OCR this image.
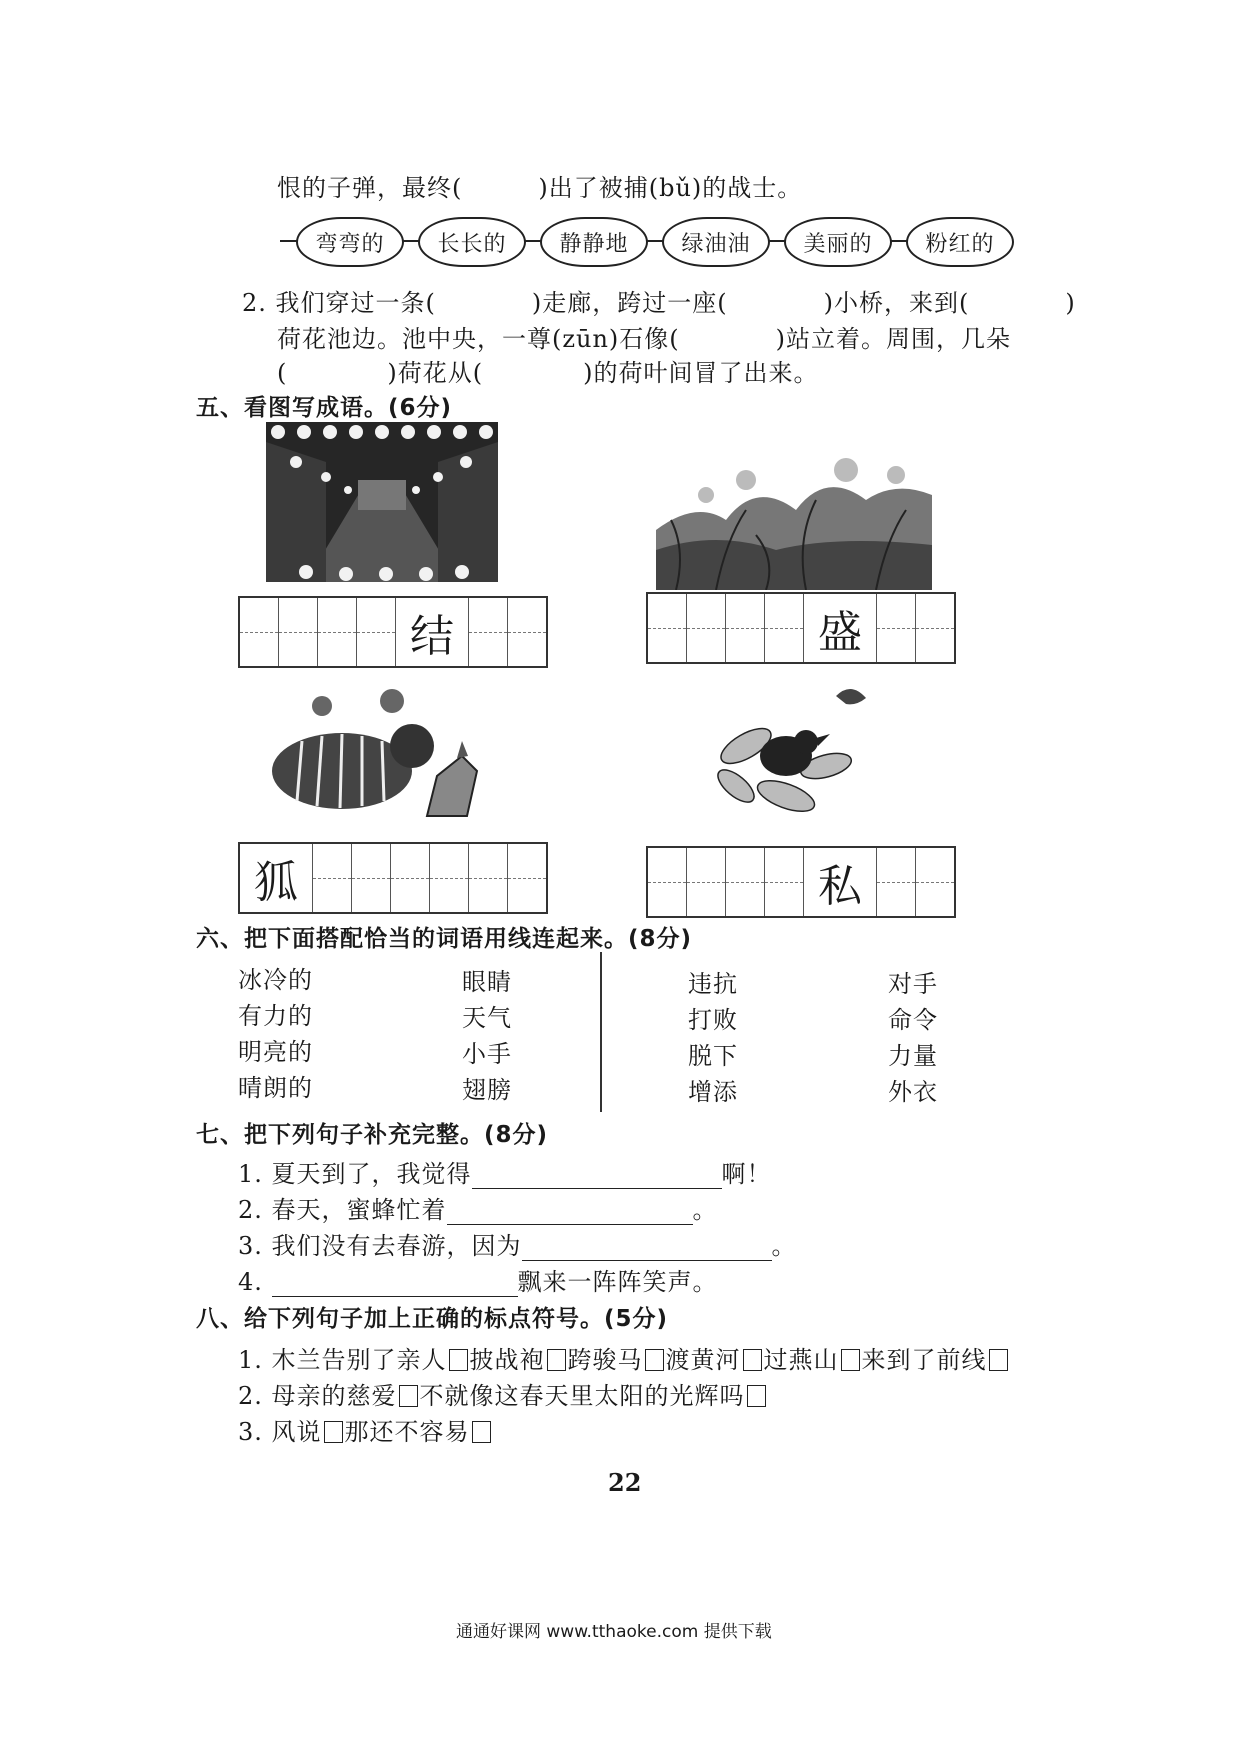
恨的子弹，最终(	)出了被捕(bǔ)的战士。
弯弯的	长长的	静静地	绿油油	美丽的	粉红的
2. 我们穿过一条(	)走廊，跨过一座(	)小桥，来到(	)
荷花池边。池中央，一尊(zūn)石像(	)站立着。周围，几朵
(	)荷花从(	)的荷叶间冒了出来。
五、看图写成语。(6分)
结	盛
狐	私
六、把下面搭配恰当的词语用线连起来。(8分)
冰冷的
有力的
明亮的
晴朗的
眼睛
天气
小手
翅膀
违抗
打败
脱下
增添
对手
命令
力量
外衣
七、把下列句子补充完整。(8分)
1. 夏天到了，我觉得	啊！
2. 春天，蜜蜂忙着	。
3. 我们没有去春游，因为	。
4.	飘来一阵阵笑声。
八、给下列句子加上正确的标点符号。(5分)
1. 木兰告别了亲人 披战袍 跨骏马 渡黄河 过燕山 来到了前线
2. 母亲的慈爱 不就像这春天里太阳的光辉吗
3. 风说 那还不容易
22
通通好课网 www.tthaoke.com 提供下载
